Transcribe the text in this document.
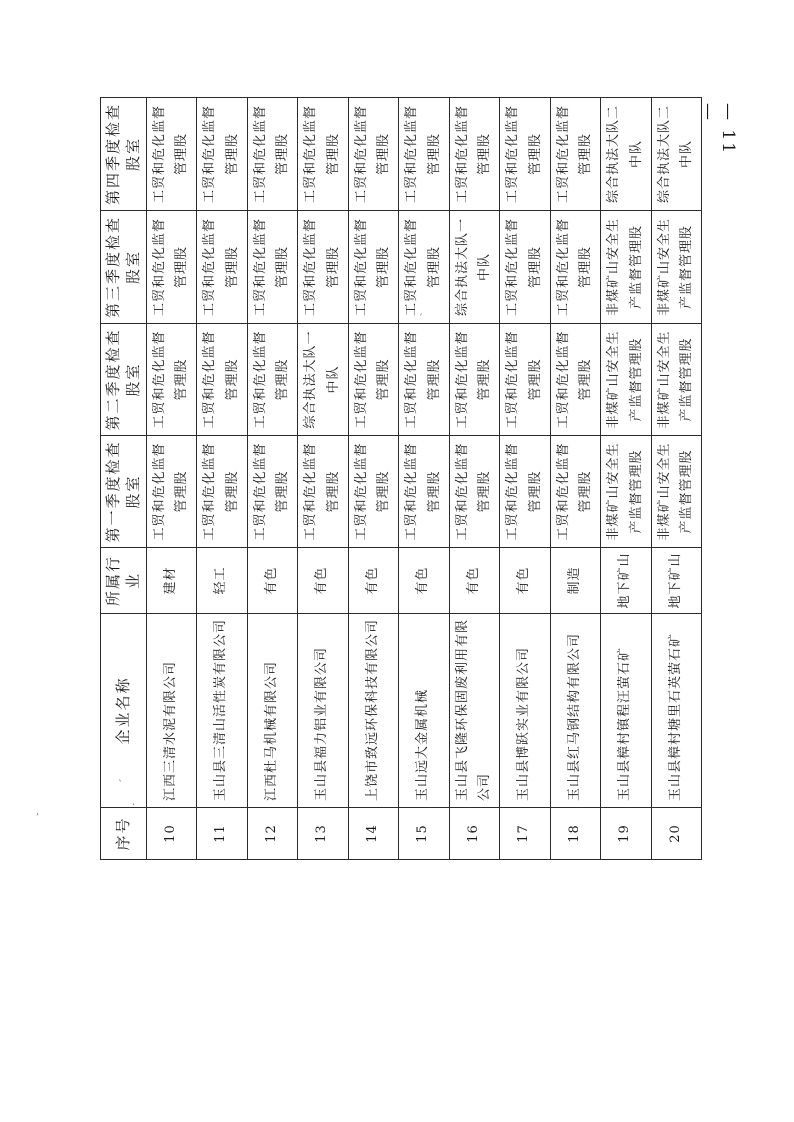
— 11 —
ˋ
·
‚
ˊ
序号	企业名称	所属行业	第一季度检查股室	第二季度检查股室	第三季度检查股室	第四季度检查股室
10	江西三清水泥有限公司	建材	工贸和危化监督管理股	工贸和危化监督管理股	工贸和危化监督管理股	工贸和危化监督管理股
11	玉山县三清山活性炭有限公司	轻工	工贸和危化监督管理股	工贸和危化监督管理股	工贸和危化监督管理股	工贸和危化监督管理股
12	江西杜马机械有限公司	有色	工贸和危化监督管理股	工贸和危化监督管理股	工贸和危化监督管理股	工贸和危化监督管理股
13	玉山县福力铝业有限公司	有色	工贸和危化监督管理股	综合执法大队一中队	工贸和危化监督管理股	工贸和危化监督管理股
14	上饶市致远环保科技有限公司	有色	工贸和危化监督管理股	工贸和危化监督管理股	工贸和危化监督管理股	工贸和危化监督管理股
15	玉山远大金属机械	有色	工贸和危化监督管理股	工贸和危化监督管理股	工贸和危化监督管理股	工贸和危化监督管理股
16	玉山县飞隆环保固废利用有限公司	有色	工贸和危化监督管理股	工贸和危化监督管理股	综合执法大队一中队	工贸和危化监督管理股
17	玉山县博跃实业有限公司	有色	工贸和危化监督管理股	工贸和危化监督管理股	工贸和危化监督管理股	工贸和危化监督管理股
18	玉山县红马钢结构有限公司	制造	工贸和危化监督管理股	工贸和危化监督管理股	工贸和危化监督管理股	工贸和危化监督管理股
19	玉山县樟村镇程汪萤石矿	地下矿山	非煤矿山安全生产监督管理股	非煤矿山安全生产监督管理股	非煤矿山安全生产监督管理股	综合执法大队二中队
20	玉山县樟村塘里石英萤石矿	地下矿山	非煤矿山安全生产监督管理股	非煤矿山安全生产监督管理股	非煤矿山安全生产监督管理股	综合执法大队二中队
